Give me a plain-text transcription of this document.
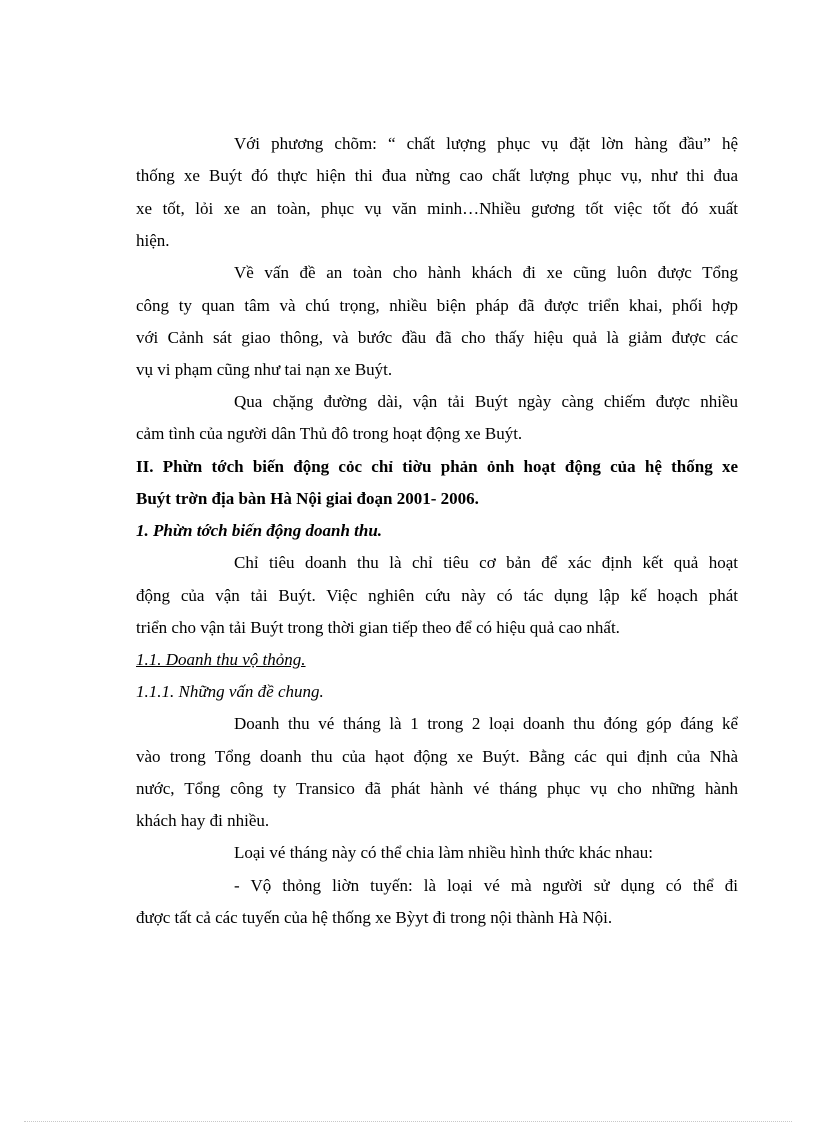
Với phương chõm: “ chất lượng phục vụ đặt lờn hàng đầu” hệ
thống xe Buýt đó thực hiện thi đua nừng cao chất lượng phục vụ, như thi đua
xe tốt, lỏi xe an toàn, phục vụ văn minh…Nhiều gương tốt việc tốt đó xuất
hiện.
Về vấn đề an toàn cho hành khách đi xe cũng luôn được Tổng
công ty quan tâm và chú trọng, nhiều biện pháp đã được triển khai, phối hợp
với Cảnh sát giao thông, và bước đầu đã cho thấy hiệu quả là giảm được các
vụ vi phạm cũng như tai nạn xe Buýt.
Qua chặng đường dài, vận tải Buýt ngày càng chiếm được nhiều
cảm tình của người dân Thủ đô trong hoạt động xe Buýt.
II. Phừn tớch biến động cỏc chỉ tiờu phản ỏnh hoạt động của hệ thống xe
Buýt trờn địa bàn Hà Nội giai đoạn 2001- 2006.
1. Phừn tớch biến động doanh thu.
Chỉ tiêu doanh thu là chỉ tiêu cơ bản để xác định kết quả hoạt
động của vận tải Buýt. Việc nghiên cứu này có tác dụng lập kế hoạch phát
triển cho vận tải Buýt trong thời gian tiếp theo để có hiệu quả cao nhất.
1.1. Doanh thu vộ thỏng.
1.1.1. Những vấn đề chung.
Doanh thu vé tháng là 1 trong 2 loại doanh thu đóng góp đáng kể
vào trong Tổng doanh thu của hạot động xe Buýt. Bằng các qui định của Nhà
nước, Tổng công ty Transico đã phát hành vé tháng phục vụ cho những hành
khách hay đi nhiều.
Loại vé tháng này có thể chia làm nhiều hình thức khác nhau:
- Vộ thỏng liờn tuyến: là loại vé mà người sử dụng có thể đi
được tất cả các tuyến của hệ thống xe Bỳyt đi trong nội thành Hà Nội.
